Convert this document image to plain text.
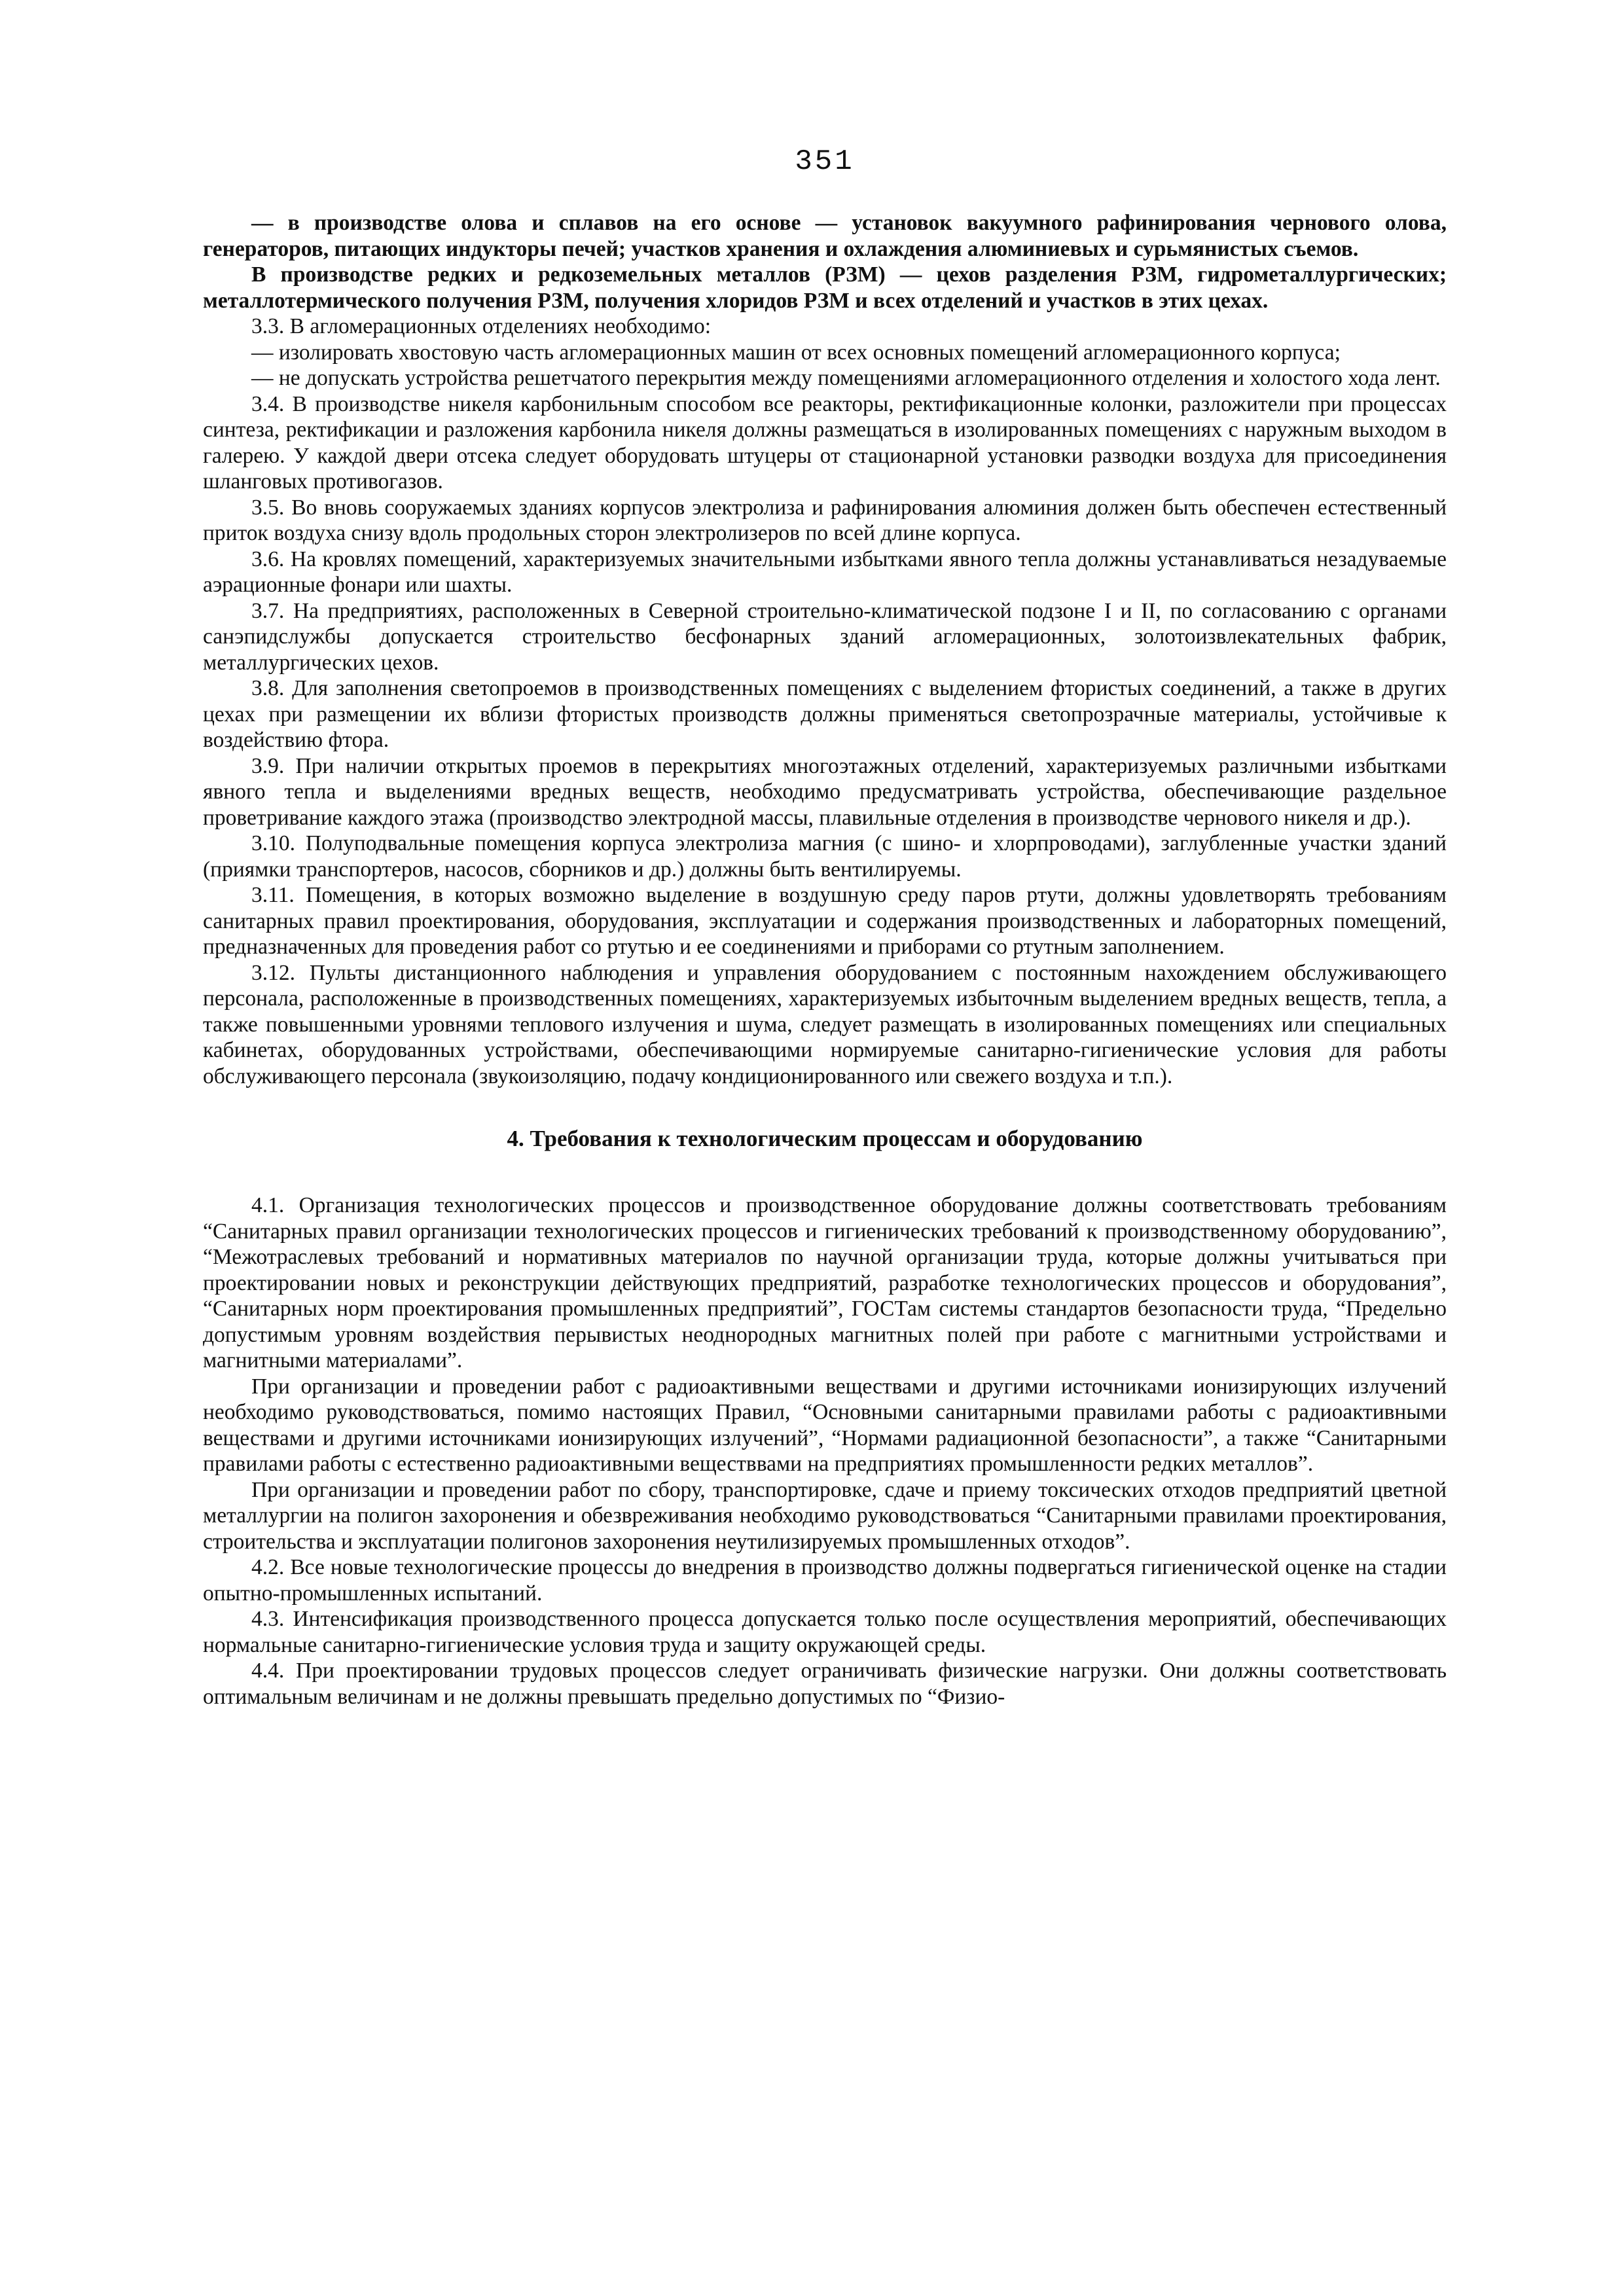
351

— в производстве олова и сплавов на его основе — установок вакуумного рафинирования чернового олова, генераторов, питающих индукторы печей; участков хранения и охлаждения алюминиевых и сурьмянистых съемов.

В производстве редких и редкоземельных металлов (РЗМ) — цехов разделения РЗМ, гидрометаллургических; металлотермического получения РЗМ, получения хлоридов РЗМ и всех отделений и участков в этих цехах.

3.3. В агломерационных отделениях необходимо:

— изолировать хвостовую часть агломерационных машин от всех основных помещений агломерационного корпуса;

— не допускать устройства решетчатого перекрытия между помещениями агломерационного отделения и холостого хода лент.

3.4. В производстве никеля карбонильным способом все реакторы, ректификационные колонки, разложители при процессах синтеза, ректификации и разложения карбонила никеля должны размещаться в изолированных помещениях с наружным выходом в галерею. У каждой двери отсека следует оборудовать штуцеры от стационарной установки разводки воздуха для присоединения шланговых противогазов.

3.5. Во вновь сооружаемых зданиях корпусов электролиза и рафинирования алюминия должен быть обеспечен естественный приток воздуха снизу вдоль продольных сторон электролизеров по всей длине корпуса.

3.6. На кровлях помещений, характеризуемых значительными избытками явного тепла должны устанавливаться незадуваемые аэрационные фонари или шахты.

3.7. На предприятиях, расположенных в Северной строительно-климатической подзоне I и II, по согласованию с органами санэпидслужбы допускается строительство бесфонарных зданий агломерационных, золотоизвлекательных фабрик, металлургических цехов.

3.8. Для заполнения светопроемов в производственных помещениях с выделением фтористых соединений, а также в других цехах при размещении их вблизи фтористых производств должны применяться светопрозрачные материалы, устойчивые к воздействию фтора.

3.9. При наличии открытых проемов в перекрытиях многоэтажных отделений, характеризуемых различными избытками явного тепла и выделениями вредных веществ, необходимо предусматривать устройства, обеспечивающие раздельное проветривание каждого этажа (производство электродной массы, плавильные отделения в производстве чернового никеля и др.).

3.10. Полуподвальные помещения корпуса электролиза магния (с шино- и хлорпроводами), заглубленные участки зданий (приямки транспортеров, насосов, сборников и др.) должны быть вентилируемы.

3.11. Помещения, в которых возможно выделение в воздушную среду паров ртути, должны удовлетворять требованиям санитарных правил проектирования, оборудования, эксплуатации и содержания производственных и лабораторных помещений, предназначенных для проведения работ со ртутью и ее соединениями и приборами со ртутным заполнением.

3.12. Пульты дистанционного наблюдения и управления оборудованием с постоянным нахождением обслуживающего персонала, расположенные в производственных помещениях, характеризуемых избыточным выделением вредных веществ, тепла, а также повышенными уровнями теплового излучения и шума, следует размещать в изолированных помещениях или специальных кабинетах, оборудованных устройствами, обеспечивающими нормируемые санитарно-гигиенические условия для работы обслуживающего персонала (звукоизоляцию, подачу кондиционированного или свежего воздуха и т.п.).

4. Требования к технологическим процессам и оборудованию

4.1. Организация технологических процессов и производственное оборудование должны соответствовать требованиям “Санитарных правил организации технологических процессов и гигиенических требований к производственному оборудованию”, “Межотраслевых требований и нормативных материалов по научной организации труда, которые должны учитываться при проектировании новых и реконструкции действующих предприятий, разработке технологических процессов и оборудования”, “Санитарных норм проектирования промышленных предприятий”, ГОСТам системы стандартов безопасности труда, “Предельно допустимым уровням воздействия перывистых неоднородных магнитных полей при работе с магнитными устройствами и магнитными материалами”.

При организации и проведении работ с радиоактивными веществами и другими источниками ионизирующих излучений необходимо руководствоваться, помимо настоящих Правил, “Основными санитарными правилами работы с радиоактивными веществами и другими источниками ионизирующих излучений”, “Нормами радиационной безопасности”, а также “Санитарными правилами работы с естественно радиоактивными веществвами на предприятиях промышленности редких металлов”.

При организации и проведении работ по сбору, транспортировке, сдаче и приему токсических отходов предприятий цветной металлургии на полигон захоронения и обезвреживания необходимо руководствоваться “Санитарными правилами проектирования, строительства и эксплуатации полигонов захоронения неутилизируемых промышленных отходов”.

4.2. Все новые технологические процессы до внедрения в производство должны подвергаться гигиенической оценке на стадии опытно-промышленных испытаний.

4.3. Интенсификация производственного процесса допускается только после осуществления мероприятий, обеспечивающих нормальные санитарно-гигиенические условия труда и защиту окружающей среды.

4.4. При проектировании трудовых процессов следует ограничивать физические нагрузки. Они должны соответствовать оптимальным величинам и не должны превышать предельно допустимых по “Физио-
